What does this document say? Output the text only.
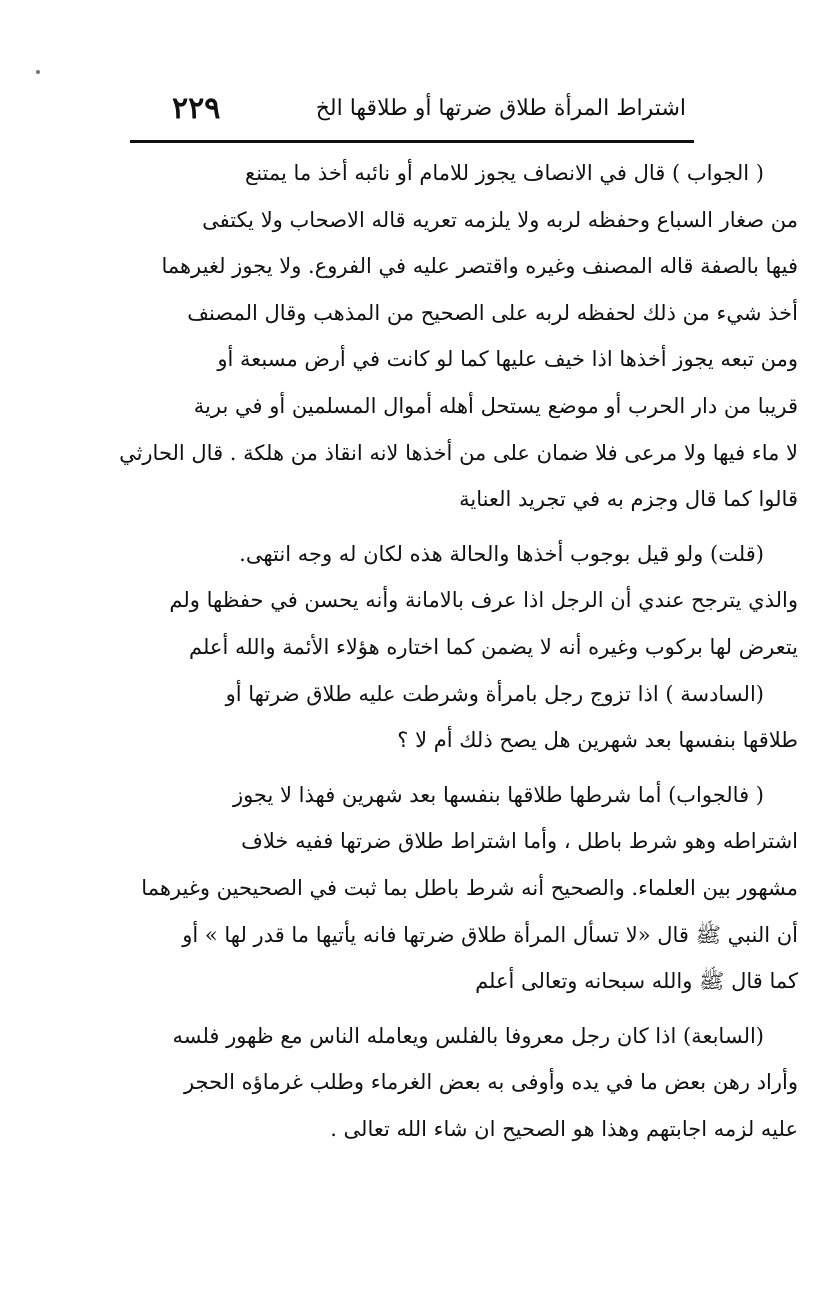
اشتراط المرأة طلاق ضرتها أو طلاقها الخ
٢٢٩
( الجواب ) قال في الانصاف يجوز للامام أو نائبه أخذ ما يمتنع
من صغار السباع وحفظه لربه ولا يلزمه تعريه قاله الاصحاب ولا يكتفى
فيها بالصفة قاله المصنف وغيره واقتصر عليه في الفروع. ولا يجوز لغيرهما
أخذ شيء من ذلك لحفظه لربه على الصحيح من المذهب وقال المصنف
ومن تبعه يجوز أخذها اذا خيف عليها كما لو كانت في أرض مسبعة أو
قريبا من دار الحرب أو موضع يستحل أهله أموال المسلمين أو في برية
لا ماء فيها ولا مرعى فلا ضمان على من أخذها لانه انقاذ من هلكة . قال الحارثي
قالوا كما قال وجزم به في تجريد العناية
(قلت) ولو قيل بوجوب أخذها والحالة هذه لكان له وجه انتهى.
والذي يترجح عندي أن الرجل اذا عرف بالامانة وأنه يحسن في حفظها ولم
يتعرض لها بركوب وغيره أنه لا يضمن كما اختاره هؤلاء الأئمة والله أعلم
(السادسة ) اذا تزوج رجل بامرأة وشرطت عليه طلاق ضرتها أو
طلاقها بنفسها بعد شهرين هل يصح ذلك أم لا ؟
( فالجواب) أما شرطها طلاقها بنفسها بعد شهرين فهذا لا يجوز
اشتراطه وهو شرط باطل ، وأما اشتراط طلاق ضرتها ففيه خلاف
مشهور بين العلماء. والصحيح أنه شرط باطل بما ثبت في الصحيحين وغيرهما
أن النبي ﷺ قال «لا تسأل المرأة طلاق ضرتها فانه يأتيها ما قدر لها » أو
كما قال ﷺ والله سبحانه وتعالى أعلم
(السابعة) اذا كان رجل معروفا بالفلس ويعامله الناس مع ظهور فلسه
وأراد رهن بعض ما في يده وأوفى به بعض الغرماء وطلب غرماؤه الحجر
عليه لزمه اجابتهم وهذا هو الصحيح ان شاء الله تعالى .
